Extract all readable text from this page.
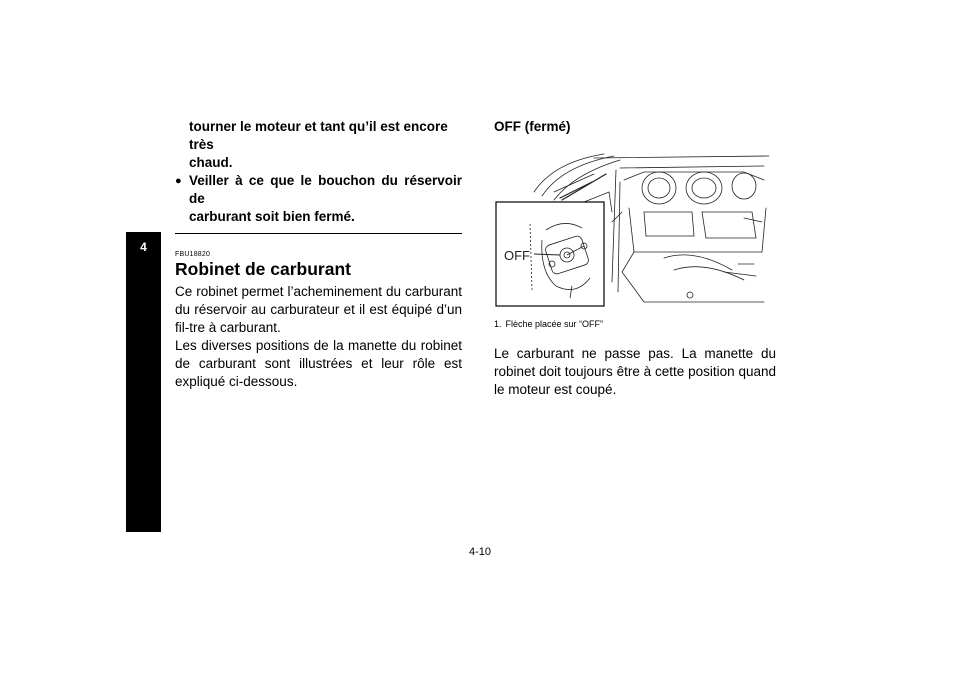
4

tourner le moteur et tant qu’il est encore très

chaud.

● Veiller à ce que le bouchon du réservoir de

carburant soit bien fermé.

FBU18820
Robinet de carburant

Ce robinet permet l’acheminement du carburant du réservoir au carburateur et il est équipé d’un fil-tre à carburant.

Les diverses positions de la manette du robinet de carburant sont illustrées et leur rôle est expliqué ci-dessous.

OFF (fermé)
OFF
1. Flèche placée sur “OFF”

Le carburant ne passe pas. La manette du robinet doit toujours être à cette position quand le moteur est coupé.

4-10
